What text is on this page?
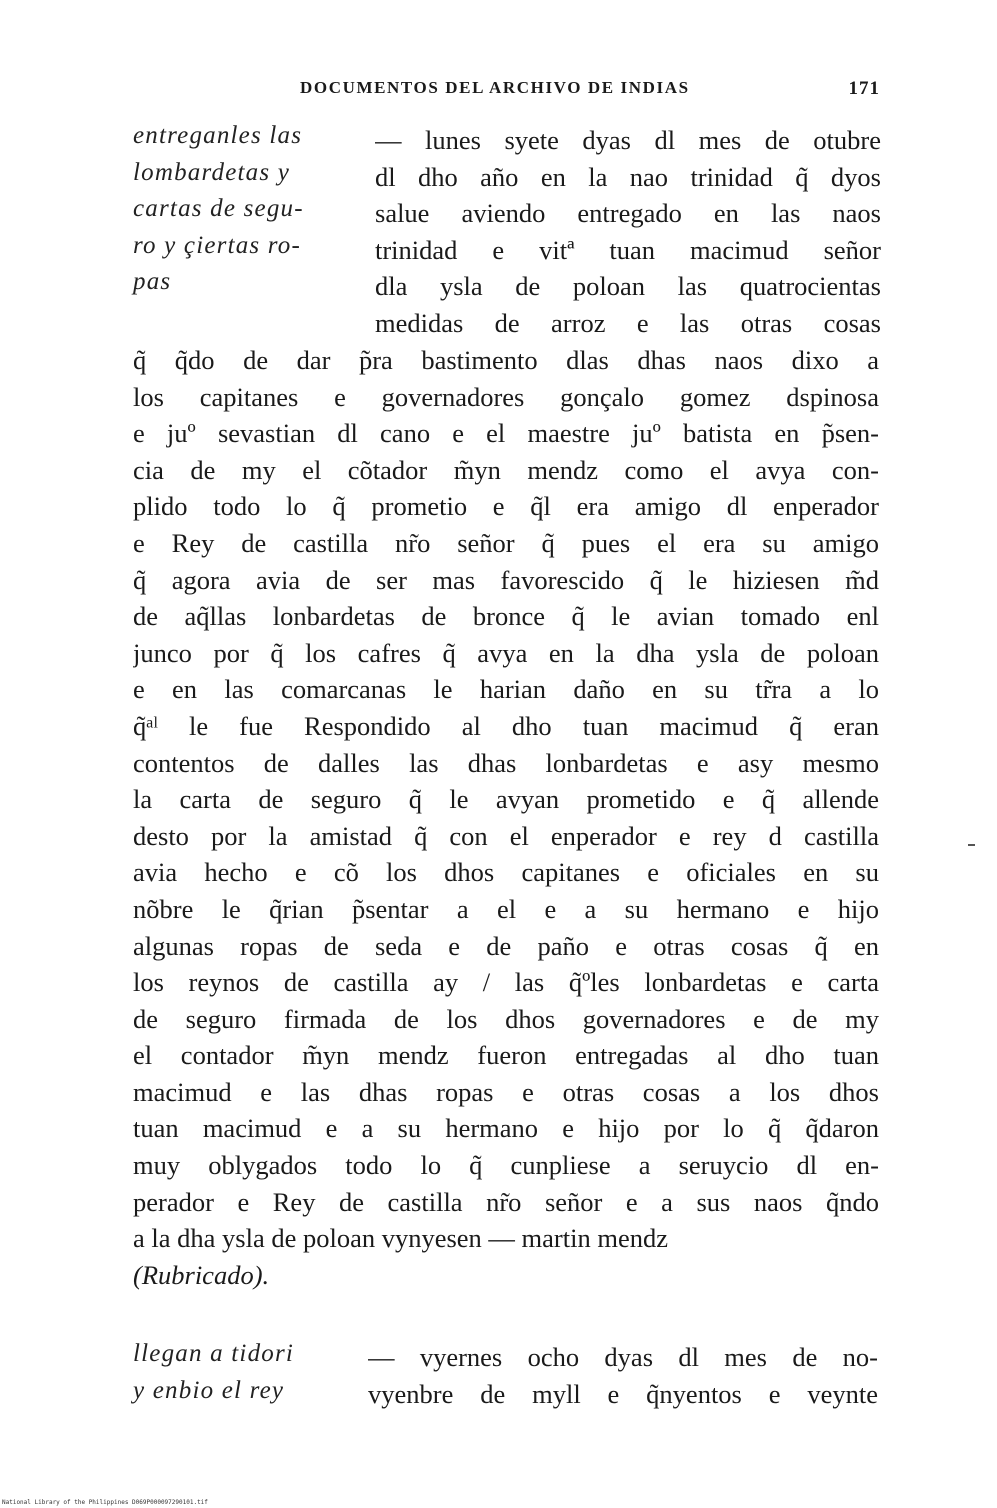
DOCUMENTOS DEL ARCHIVO DE INDIAS	171
entreganles las
lombardetas y
cartas de segu-
ro y çiertas ro-
pas
— lunes syete dyas dl mes de otubre
dl dho año en la nao trinidad q̃ dyos
salue aviendo entregado en las naos
trinidad e vitª tuan macimud señor
dla ysla de poloan las quatrocientas
medidas de arroz e las otras cosas
q̃ q̃do de dar p̃ra bastimento dlas dhas naos dixo a
los capitanes e governadores gonçalo gomez dspinosa
e juº sevastian dl cano e el maestre juº batista en p̃sen-
cia de my el cõtador m̃yn mendz como el avya con-
plido todo lo q̃ prometio e q̃l era amigo dl enperador
e Rey de castilla nr̃o señor q̃ pues el era su amigo
q̃ agora avia de ser mas favorescido q̃ le hiziesen m̃d
de aq̃llas lonbardetas de bronce q̃ le avian tomado enl
junco por q̃ los cafres q̃ avya en la dha ysla de poloan
e en las comarcanas le harian daño en su tr̃ra a lo
q̃ᵃˡ le fue Respondido al dho tuan macimud q̃ eran
contentos de dalles las dhas lonbardetas e asy mesmo
la carta de seguro q̃ le avyan prometido e q̃ allende
desto por la amistad q̃ con el enperador e rey d castilla
avia hecho e cõ los dhos capitanes e oficiales en su
nõbre le q̃rian p̃sentar a el e a su hermano e hijo
algunas ropas de seda e de paño e otras cosas q̃ en
los reynos de castilla ay / las q̃ºles lonbardetas e carta
de seguro firmada de los dhos governadores e de my
el contador m̃yn mendz fueron entregadas al dho tuan
macimud e las dhas ropas e otras cosas a los dhos
tuan macimud e a su hermano e hijo por lo q̃ q̃daron
muy oblygados todo lo q̃ cunpliese a seruycio dl en-
perador e Rey de castilla nr̃o señor e a sus naos q̃ndo
a la dha ysla de poloan vynyesen — martin mendz
(Rubricado).
llegan a tidori
y enbio el rey
— vyernes ocho dyas dl mes de no-
vyenbre de myll e q̃nyentos e veynte
National Library of the Philippines D069P000097290101.tif
